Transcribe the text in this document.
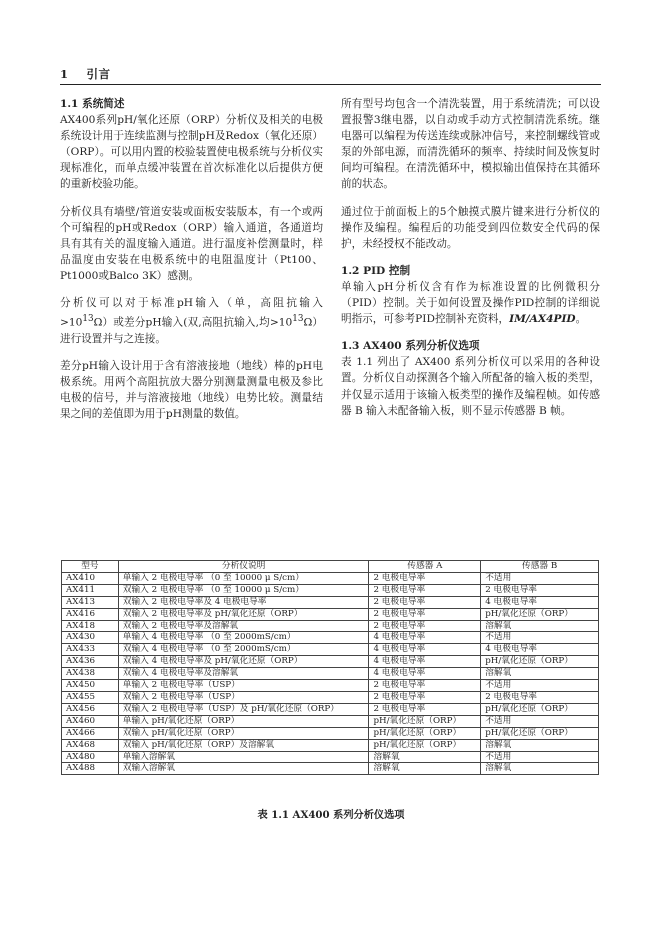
1 引言
1.1 系统简述

AX400系列pH/氧化还原（ORP）分析仪及相关的电极系统设计用于连续监测与控制pH及Redox（氧化还原）（ORP）。可以用内置的校验装置使电极系统与分析仪实现标准化，而单点缓冲装置在首次标准化以后提供方便的重新校验功能。

分析仪具有墙壁/管道安装或面板安装版本，有一个或两个可编程的pH或Redox（ORP）输入通道，各通道均具有其有关的温度输入通道。进行温度补偿测量时，样品温度由安装在电极系统中的电阻温度计（Pt100、Pt1000或Balco 3K）感测。

分析仪可以对于标准pH输入（单，高阻抗输入$>10^{13}\Omega$）或差分pH输入(双,高阻抗输入,均$>10^{13}\Omega$）进行设置并与之连接。

差分pH输入设计用于含有溶液接地（地线）棒的pH电极系统。用两个高阻抗放大器分别测量测量电极及参比电极的信号，并与溶液接地（地线）电势比较。测量结果之间的差值即为用于pH测量的数值。

所有型号均包含一个清洗装置，用于系统清洗；可以设置报警3继电器，以自动或手动方式控制清洗系统。继电器可以编程为传送连续或脉冲信号，来控制螺线管或泵的外部电源，而清洗循环的频率、持续时间及恢复时间均可编程。在清洗循环中，模拟输出值保持在其循环前的状态。

通过位于前面板上的5个触摸式膜片键来进行分析仪的操作及编程。编程后的功能受到四位数安全代码的保护，未经授权不能改动。

1.2 PID 控制

单输入pH分析仪含有作为标准设置的比例微积分（PID）控制。关于如何设置及操作PID控制的详细说明指示，可参考PID控制补充资料，IM/AX4PID。

1.3 AX400 系列分析仪选项

表 1.1 列出了 AX400 系列分析仪可以采用的各种设置。分析仪自动探测各个输入所配备的输入板的类型，并仅显示适用于该输入板类型的操作及编程帧。如传感器 B 输入未配备输入板，则不显示传感器 B 帧。

型号	分析仪说明	传感器 A	传感器 B
AX410	单输入 2 电极电导率 （0 至 10000 μ S/cm）	2 电极电导率	不适用
AX411	双输入 2 电极电导率 （0 至 10000 μ S/cm）	2 电极电导率	2 电极电导率
AX413	双输入 2 电极电导率及 4 电极电导率	2 电极电导率	4 电极电导率
AX416	双输入 2 电极电导率及 pH/氧化还原（ORP）	2 电极电导率	pH/氧化还原（ORP）
AX418	双输入 2 电极电导率及溶解氧	2 电极电导率	溶解氧
AX430	单输入 4 电极电导率 （0 至 2000mS/cm）	4 电极电导率	不适用
AX433	双输入 4 电极电导率 （0 至 2000mS/cm）	4 电极电导率	4 电极电导率
AX436	双输入 4 电极电导率及 pH/氧化还原（ORP）	4 电极电导率	pH/氧化还原（ORP）
AX438	双输入 4 电极电导率及溶解氧	4 电极电导率	溶解氧
AX450	单输入 2 电极电导率（USP）	2 电极电导率	不适用
AX455	双输入 2 电极电导率（USP）	2 电极电导率	2 电极电导率
AX456	双输入 2 电极电导率（USP）及 pH/氧化还原（ORP）	2 电极电导率	pH/氧化还原（ORP）
AX460	单输入 pH/氧化还原（ORP）	pH/氧化还原（ORP）	不适用
AX466	双输入 pH/氧化还原（ORP）	pH/氧化还原（ORP）	pH/氧化还原（ORP）
AX468	双输入 pH/氧化还原（ORP）及溶解氧	pH/氧化还原（ORP）	溶解氧
AX480	单输入溶解氧	溶解氧	不适用
AX488	双输入溶解氧	溶解氧	溶解氧
表 1.1 AX400 系列分析仪选项
